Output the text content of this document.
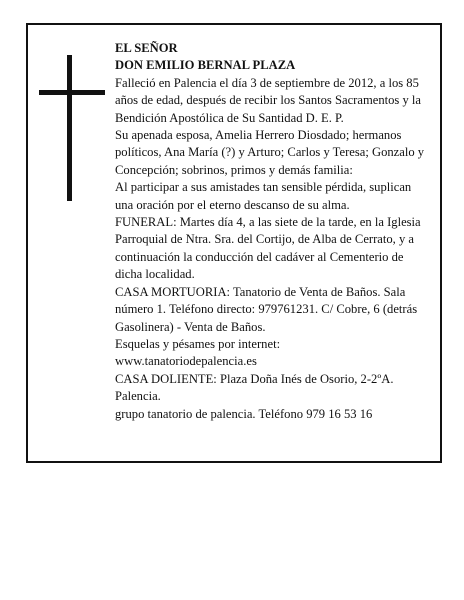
EL SEÑOR

DON EMILIO BERNAL PLAZA

Falleció en Palencia el día 3 de septiembre de 2012, a los 85 años de edad, después de recibir los Santos Sacramentos y la Bendición Apostólica de Su Santidad D. E. P.

Su apenada esposa, Amelia Herrero Diosdado; hermanos políticos, Ana María (?) y Arturo; Carlos y Teresa; Gonzalo y Concepción; sobrinos, primos y demás familia:

Al participar a sus amistades tan sensible pérdida, suplican una oración por el eterno descanso de su alma.

FUNERAL: Martes día 4, a las siete de la tarde, en la Iglesia Parroquial de Ntra. Sra. del Cortijo, de Alba de Cerrato, y a continuación la conducción del cadáver al Cementerio de dicha localidad.

CASA MORTUORIA: Tanatorio de Venta de Baños. Sala número 1. Teléfono directo: 979761231. C/ Cobre, 6 (detrás Gasolinera) - Venta de Baños.

Esquelas y pésames por internet:

www.tanatoriodepalencia.es

CASA DOLIENTE: Plaza Doña Inés de Osorio, 2-2ºA. Palencia.

grupo tanatorio de palencia. Teléfono 979 16 53 16
